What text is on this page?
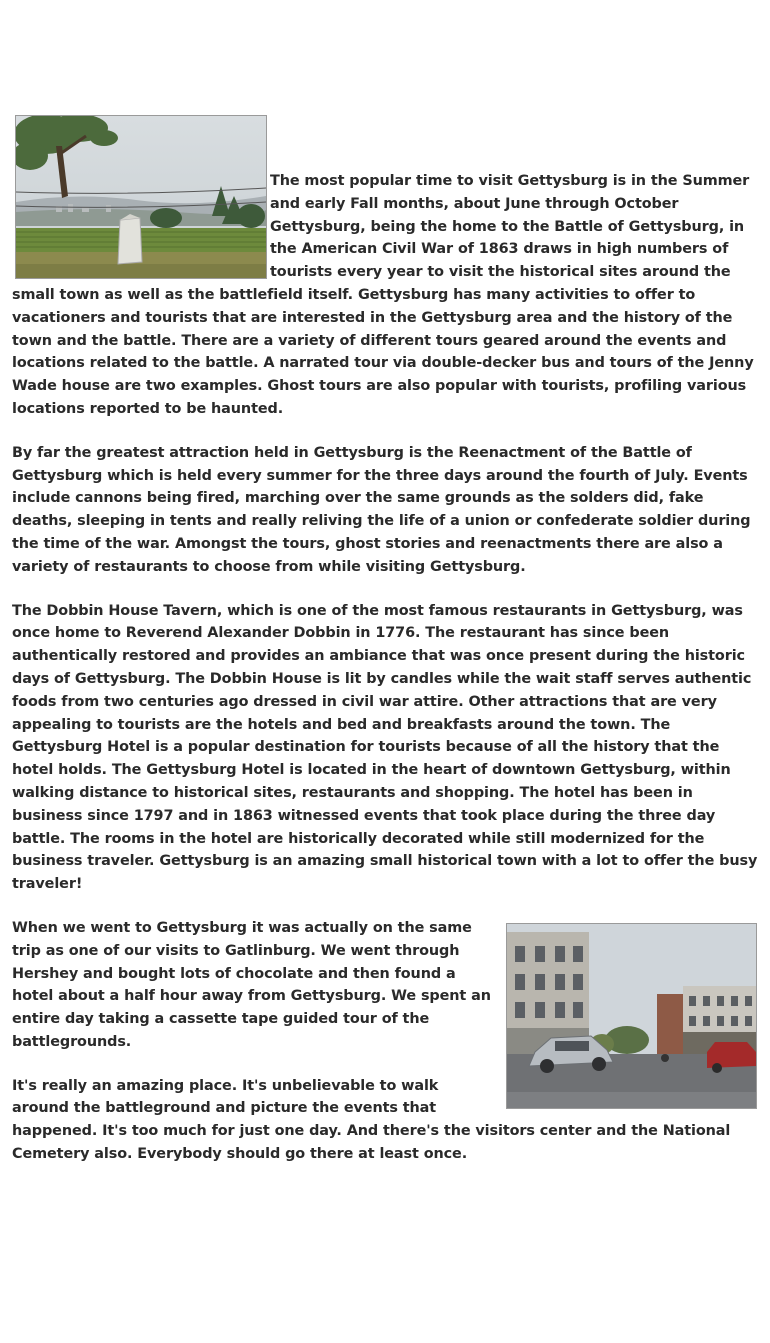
The most popular time to visit Gettysburg is in the Summer and early Fall months, about June through October Gettysburg, being the home to the Battle of Gettysburg, in the American Civil War of 1863 draws in high numbers of tourists every year to visit the historical sites around the small town as well as the battlefield itself. Gettysburg has many activities to offer to vacationers and tourists that are interested in the Gettysburg area and the history of the town and the battle. There are a variety of different tours geared around the events and locations related to the battle. A narrated tour via double-decker bus and tours of the Jenny Wade house are two examples. Ghost tours are also popular with tourists, profiling various locations reported to be haunted.

By far the greatest attraction held in Gettysburg is the Reenactment of the Battle of Gettysburg which is held every summer for the three days around the fourth of July. Events include cannons being fired, marching over the same grounds as the solders did, fake deaths, sleeping in tents and really reliving the life of a union or confederate soldier during the time of the war. Amongst the tours, ghost stories and reenactments there are also a variety of restaurants to choose from while visiting Gettysburg.

The Dobbin House Tavern, which is one of the most famous restaurants in Gettysburg, was once home to Reverend Alexander Dobbin in 1776. The restaurant has since been authentically restored and provides an ambiance that was once present during the historic days of Gettysburg. The Dobbin House is lit by candles while the wait staff serves authentic foods from two centuries ago dressed in civil war attire. Other attractions that are very appealing to tourists are the hotels and bed and breakfasts around the town. The Gettysburg Hotel is a popular destination for tourists because of all the history that the hotel holds. The Gettysburg Hotel is located in the heart of downtown Gettysburg, within walking distance to historical sites, restaurants and shopping. The hotel has been in business since 1797 and in 1863 witnessed events that took place during the three day battle. The rooms in the hotel are historically decorated while still modernized for the business traveler. Gettysburg is an amazing small historical town with a lot to offer the busy traveler!

When we went to Gettysburg it was actually on the same trip as one of our visits to Gatlinburg. We went through Hershey and bought lots of chocolate and then found a hotel about a half hour away from Gettysburg. We spent an entire day taking a cassette tape guided tour of the battlegrounds.

It's really an amazing place. It's unbelievable to walk around the battleground and picture the events that happened. It's too much for just one day. And there's the visitors center and the National Cemetery also. Everybody should go there at least once.
